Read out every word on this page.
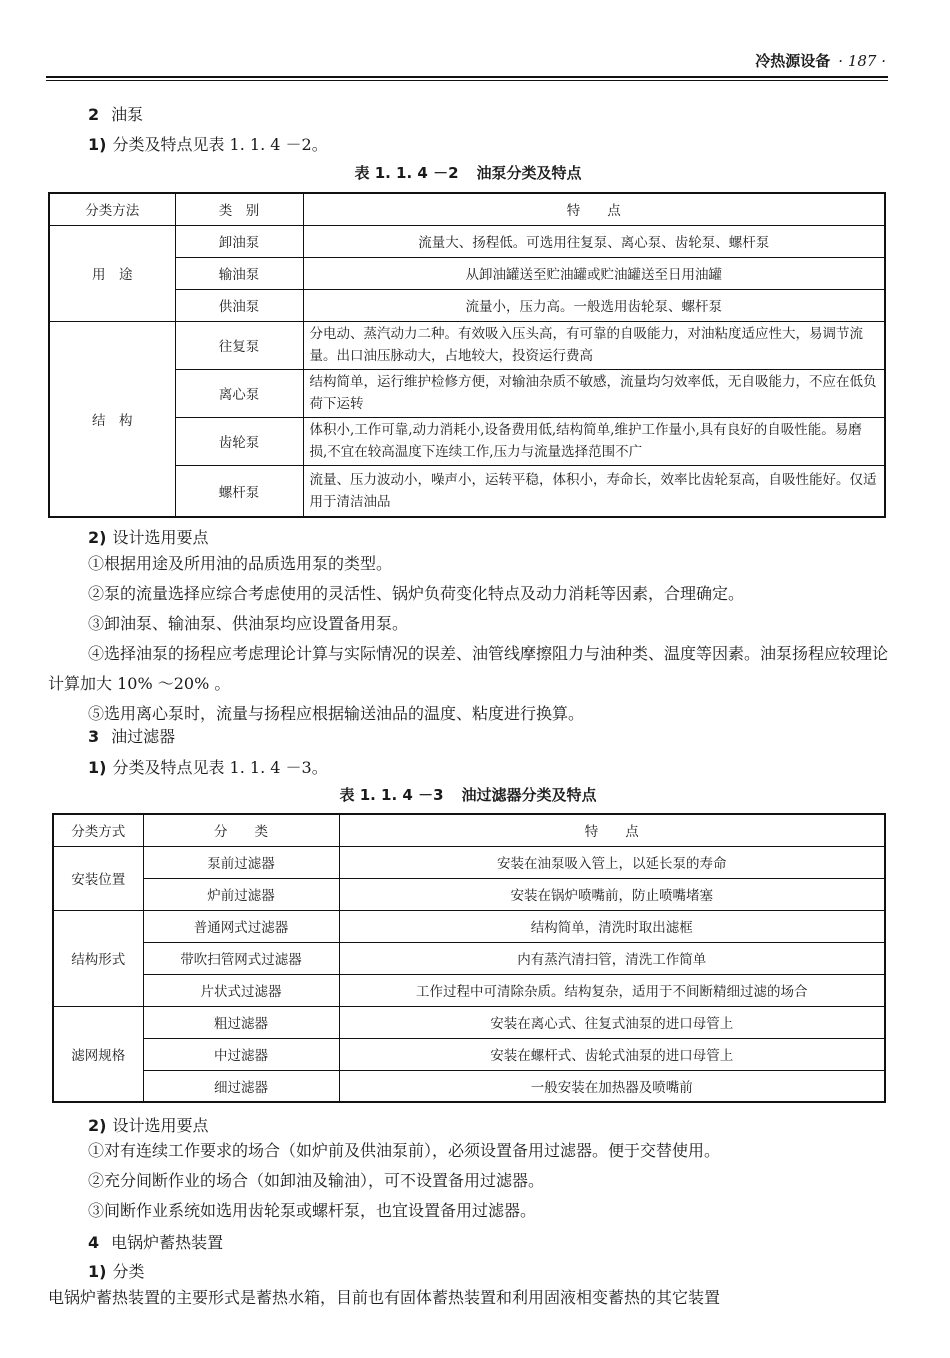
冷热源设备 · 187 ·
2 油泵
1) 分类及特点见表 1. 1. 4 －2。
表 1. 1. 4 －2 油泵分类及特点
分类方法	类　别	特　　点
用　途	卸油泵	流量大、扬程低。可选用往复泵、离心泵、齿轮泵、螺杆泵
	输油泵	从卸油罐送至贮油罐或贮油罐送至日用油罐
	供油泵	流量小，压力高。一般选用齿轮泵、螺杆泵
结　构	往复泵	分电动、蒸汽动力二种。有效吸入压头高，有可靠的自吸能力，对油粘度适应性大，易调节流量。出口油压脉动大，占地较大，投资运行费高
	离心泵	结构简单，运行维护检修方便，对输油杂质不敏感，流量均匀效率低，无自吸能力，不应在低负荷下运转
	齿轮泵	体积小,工作可靠,动力消耗小,设备费用低,结构简单,维护工作量小,具有良好的自吸性能。易磨损,不宜在较高温度下连续工作,压力与流量选择范围不广
	螺杆泵	流量、压力波动小，噪声小，运转平稳，体积小，寿命长，效率比齿轮泵高，自吸性能好。仅适用于清洁油品
2) 设计选用要点
①根据用途及所用油的品质选用泵的类型。
②泵的流量选择应综合考虑使用的灵活性、锅炉负荷变化特点及动力消耗等因素，合理确定。
③卸油泵、输油泵、供油泵均应设置备用泵。
④选择油泵的扬程应考虑理论计算与实际情况的误差、油管线摩擦阻力与油种类、温度等因素。油泵扬程应较理论计算加大 10% ～20% 。
⑤选用离心泵时，流量与扬程应根据输送油品的温度、粘度进行换算。
3 油过滤器
1) 分类及特点见表 1. 1. 4 －3。
表 1. 1. 4 －3 油过滤器分类及特点
分类方式	分　　类	特　　点
安装位置	泵前过滤器	安装在油泵吸入管上，以延长泵的寿命
	炉前过滤器	安装在锅炉喷嘴前，防止喷嘴堵塞
结构形式	普通网式过滤器	结构简单，清洗时取出滤框
	带吹扫管网式过滤器	内有蒸汽清扫管，清洗工作简单
	片状式过滤器	工作过程中可清除杂质。结构复杂，适用于不间断精细过滤的场合
滤网规格	粗过滤器	安装在离心式、往复式油泵的进口母管上
	中过滤器	安装在螺杆式、齿轮式油泵的进口母管上
	细过滤器	一般安装在加热器及喷嘴前
2) 设计选用要点
①对有连续工作要求的场合（如炉前及供油泵前），必须设置备用过滤器。便于交替使用。
②充分间断作业的场合（如卸油及输油），可不设置备用过滤器。
③间断作业系统如选用齿轮泵或螺杆泵，也宜设置备用过滤器。
4 电锅炉蓄热装置
1) 分类
电锅炉蓄热装置的主要形式是蓄热水箱，目前也有固体蓄热装置和利用固液相变蓄热的其它装置
